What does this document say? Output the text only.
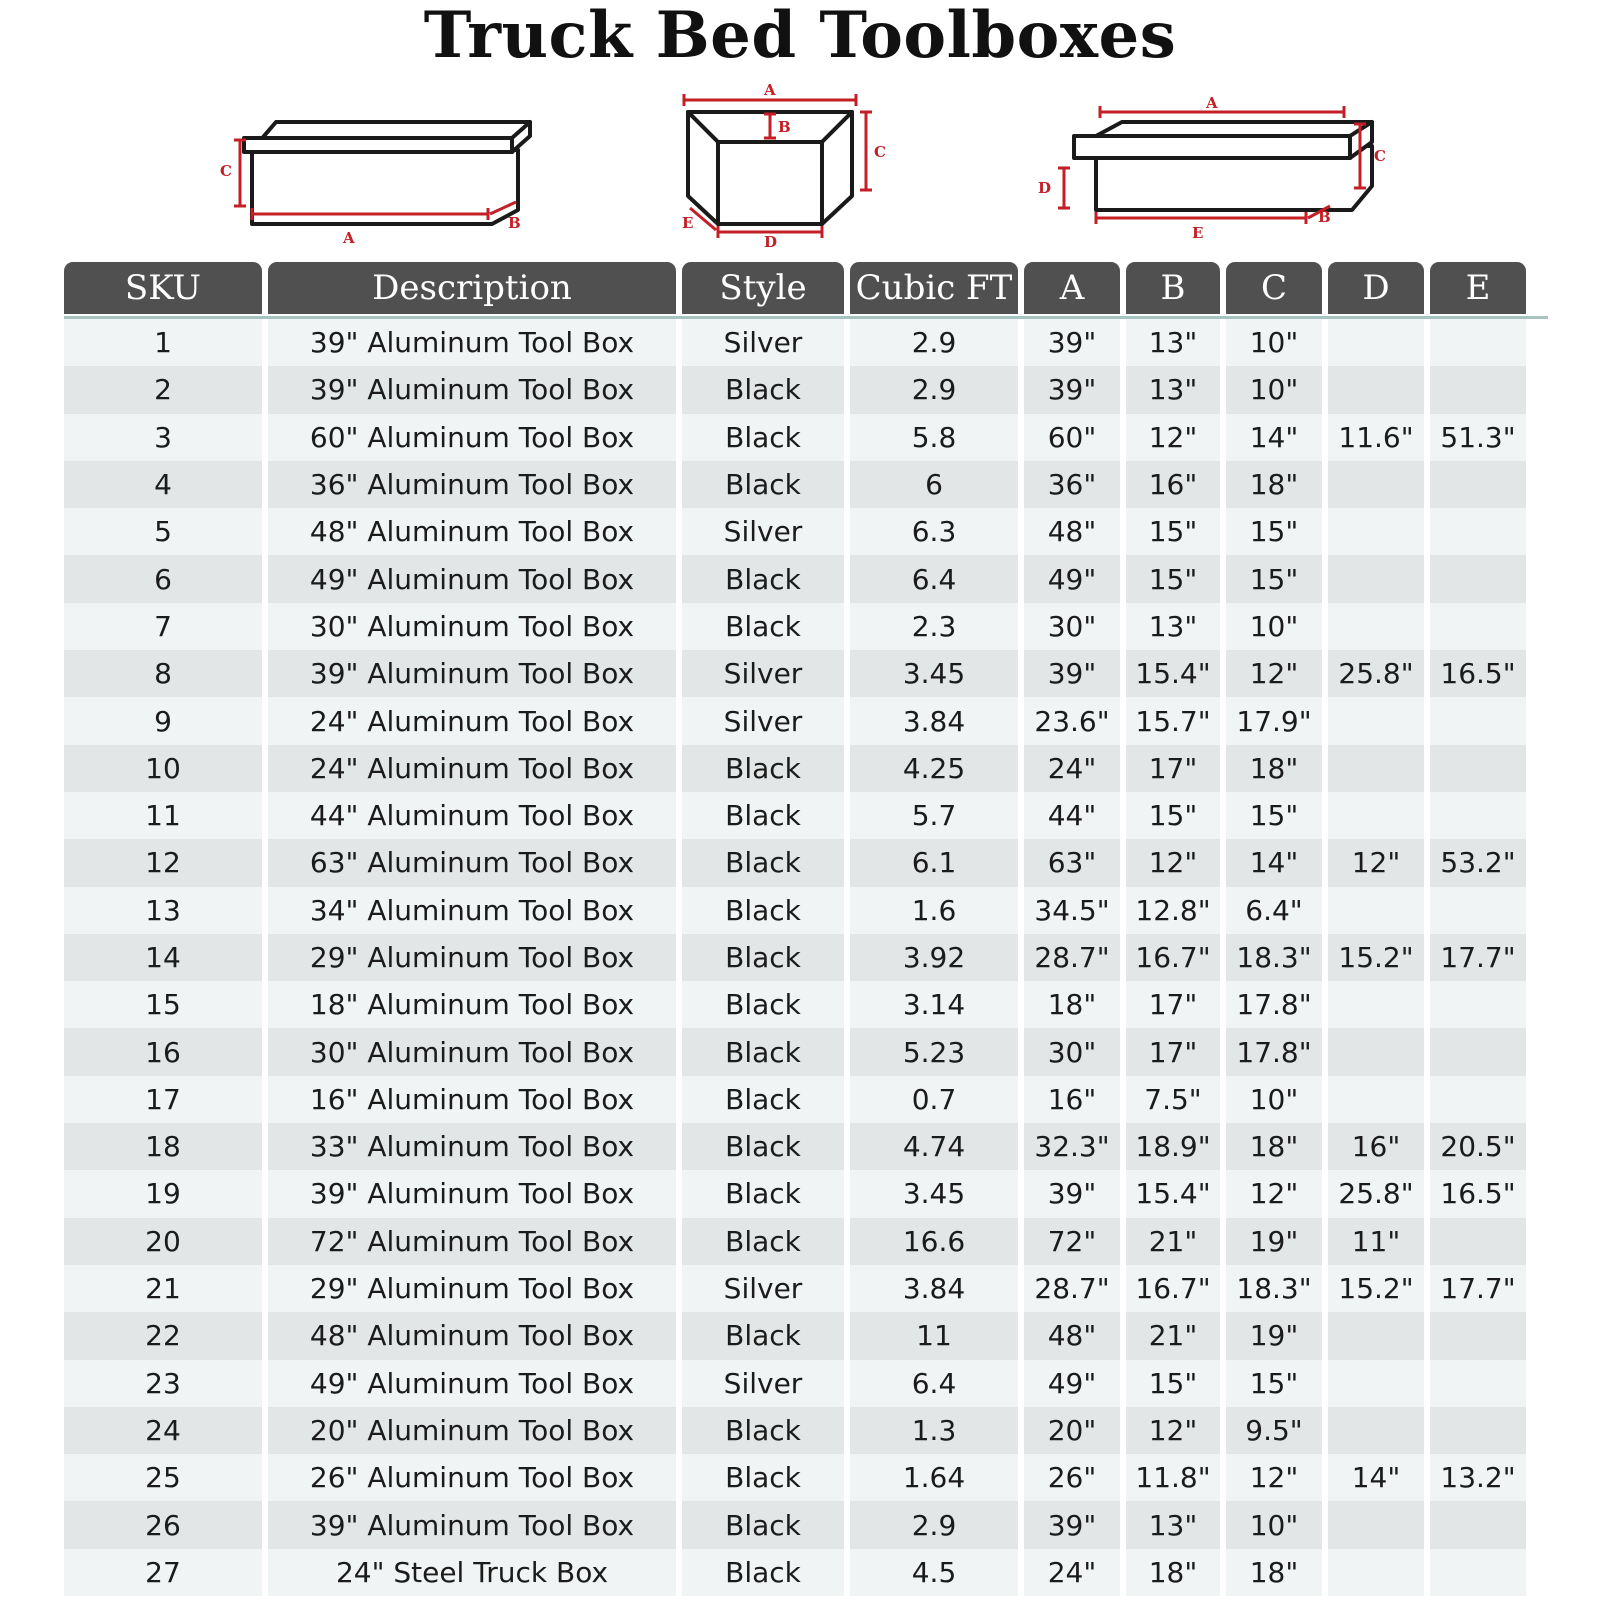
Truck Bed Toolboxes
C
A
B
A
B
C
D
E
A
C
D
E
B
SKU	Description	Style	Cubic FT	A	B	C	D	E
1	39" Aluminum Tool Box	Silver	2.9	39"	13"	10"
2	39" Aluminum Tool Box	Black	2.9	39"	13"	10"
3	60" Aluminum Tool Box	Black	5.8	60"	12"	14"	11.6" 51.3"
4	36" Aluminum Tool Box	Black	6	36"	16"	18"
5	48" Aluminum Tool Box	Silver	6.3	48"	15"	15"
6	49" Aluminum Tool Box	Black	6.4	49"	15"	15"
7	30" Aluminum Tool Box	Black	2.3	30"	13"	10"
8	39" Aluminum Tool Box	Silver	3.45	39"	15.4"	12"	25.8" 16.5"
9	24" Aluminum Tool Box	Silver	3.84	23.6" 15.7" 17.9"
10	24" Aluminum Tool Box	Black	4.25	24"	17"	18"
11	44" Aluminum Tool Box	Black	5.7	44"	15"	15"
12	63" Aluminum Tool Box	Black	6.1	63"	12"	14"	12"	53.2"
13	34" Aluminum Tool Box	Black	1.6	34.5" 12.8"	6.4"
14	29" Aluminum Tool Box	Black	3.92	28.7" 16.7" 18.3" 15.2" 17.7"
15	18" Aluminum Tool Box	Black	3.14	18"	17"	17.8"
16	30" Aluminum Tool Box	Black	5.23	30"	17"	17.8"
17	16" Aluminum Tool Box	Black	0.7	16"	7.5"	10"
18	33" Aluminum Tool Box	Black	4.74	32.3" 18.9"	18"	16"	20.5"
19	39" Aluminum Tool Box	Black	3.45	39"	15.4"	12"	25.8" 16.5"
20	72" Aluminum Tool Box	Black	16.6	72"	21"	19"	11"
21	29" Aluminum Tool Box	Silver	3.84	28.7" 16.7" 18.3" 15.2" 17.7"
22	48" Aluminum Tool Box	Black	11	48"	21"	19"
23	49" Aluminum Tool Box	Silver	6.4	49"	15"	15"
24	20" Aluminum Tool Box	Black	1.3	20"	12"	9.5"
25	26" Aluminum Tool Box	Black	1.64	26"	11.8"	12"	14"	13.2"
26	39" Aluminum Tool Box	Black	2.9	39"	13"	10"
27	24" Steel Truck Box	Black	4.5	24"	18"	18"
